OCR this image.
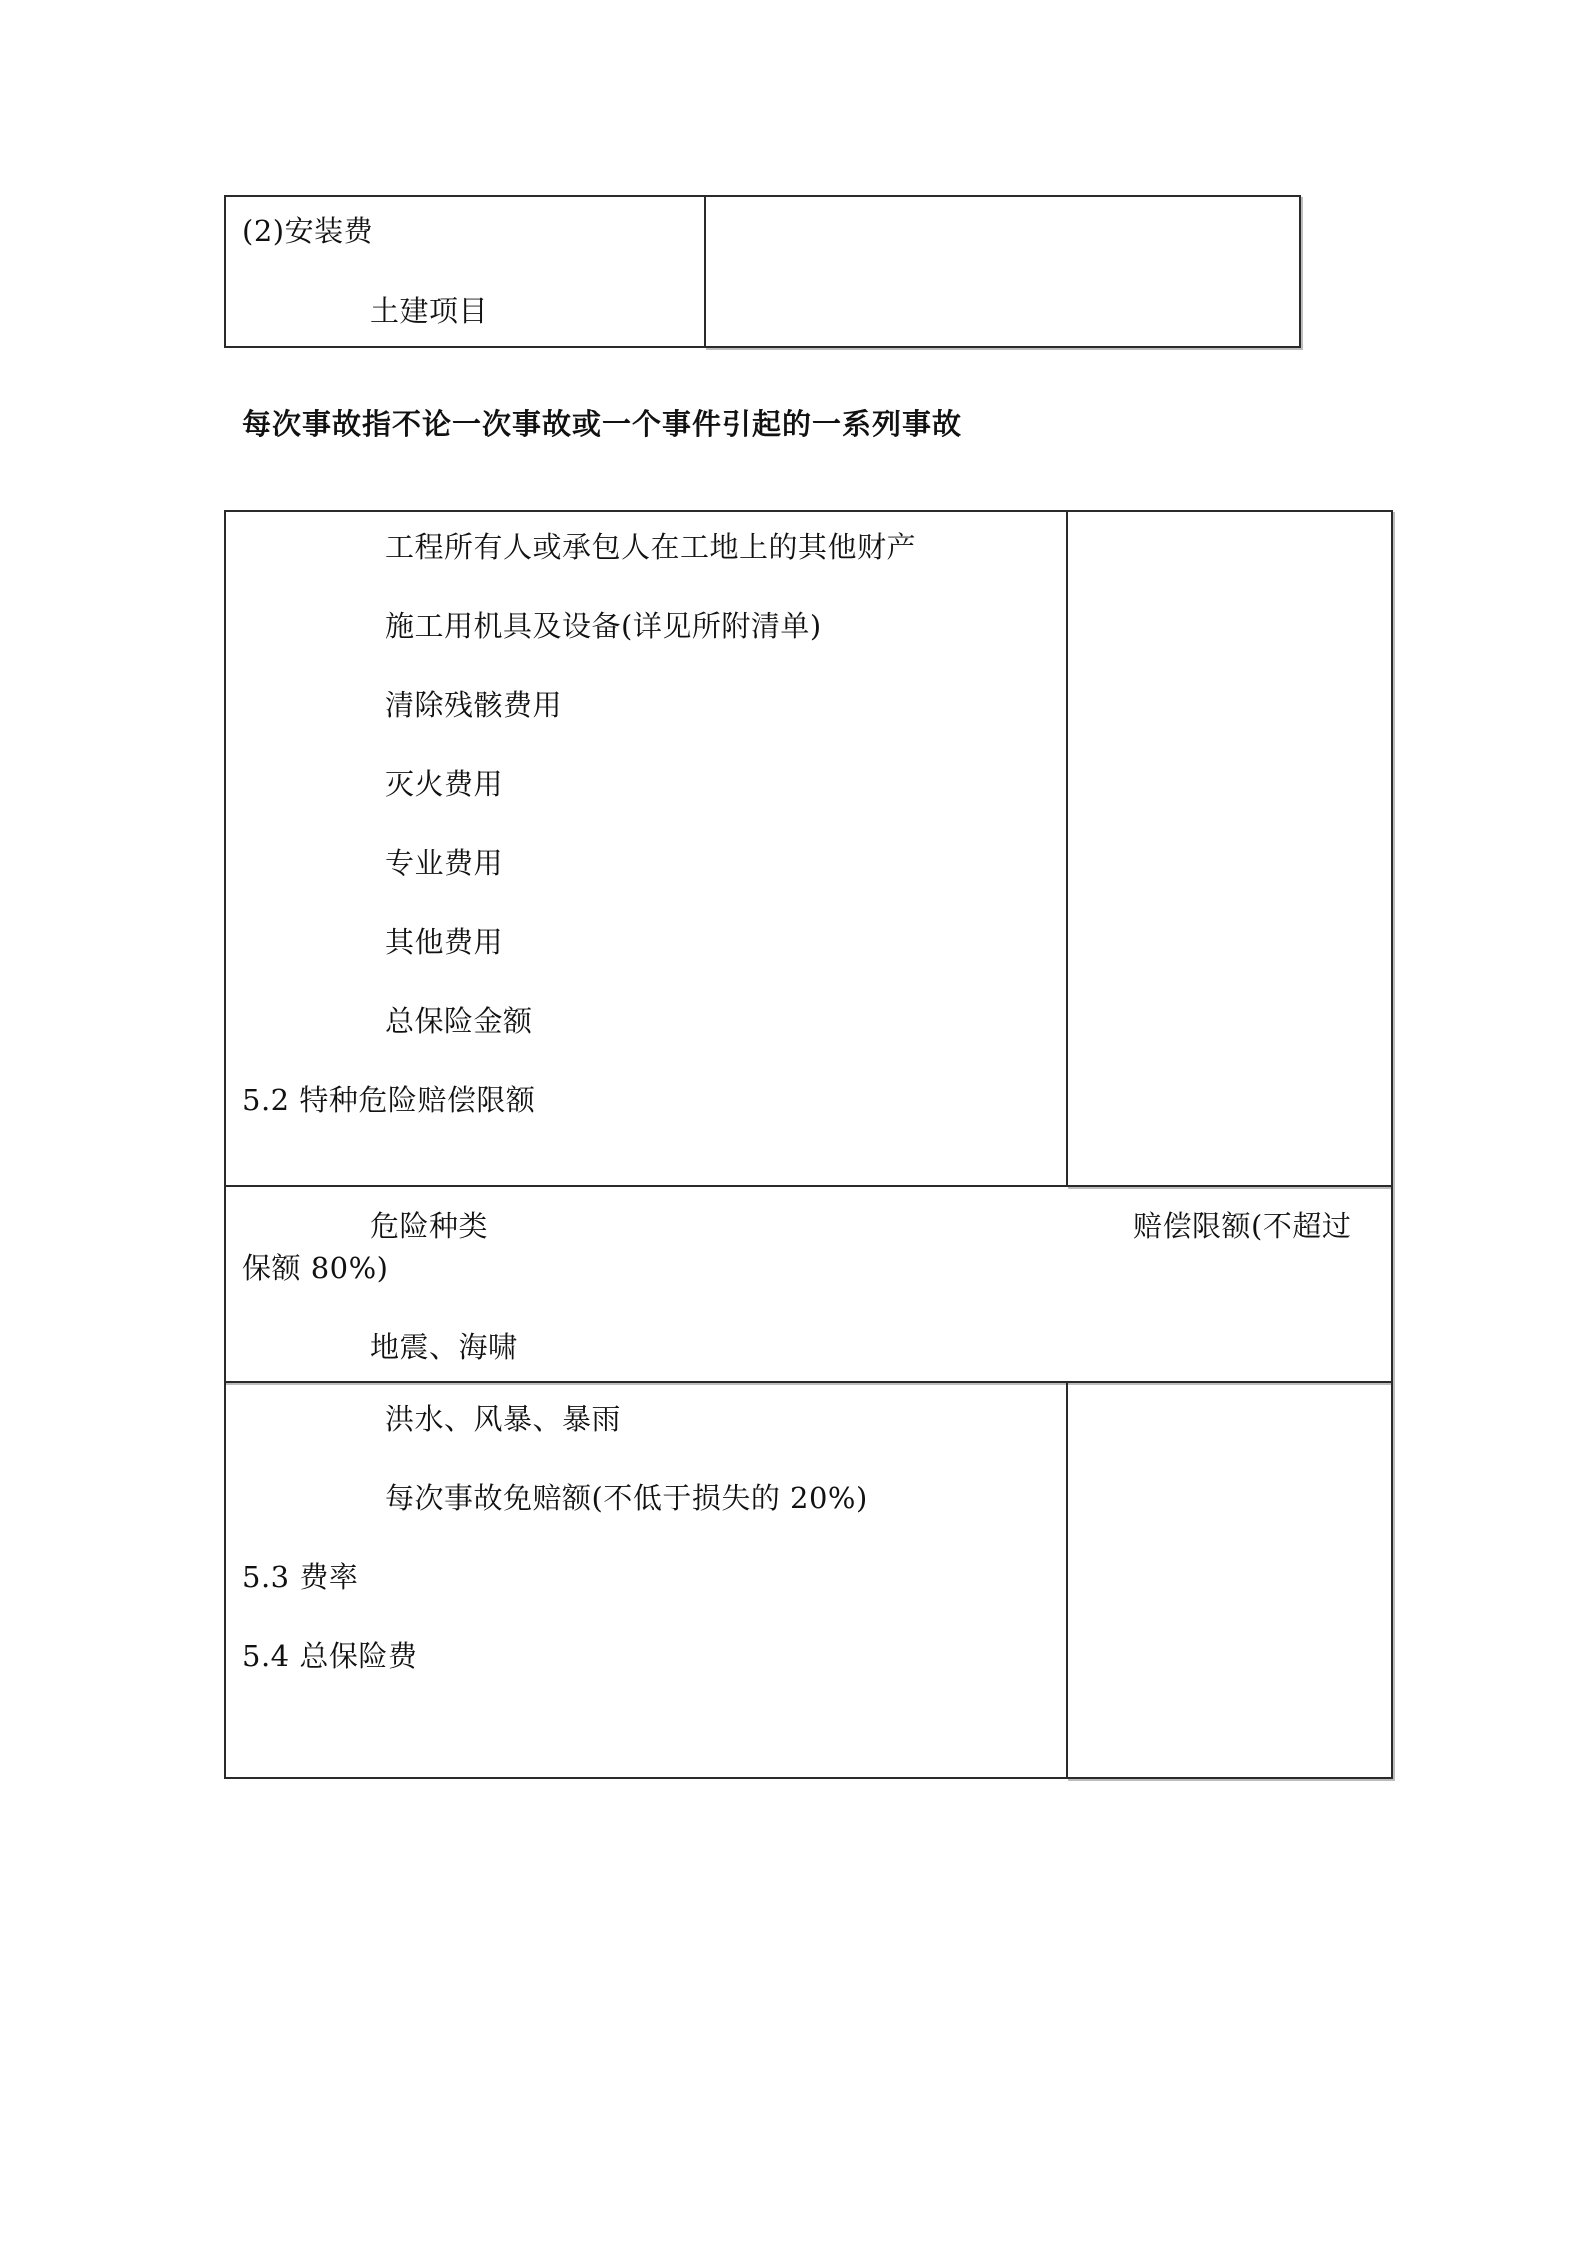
(2)安装费
土建项目
每次事故指不论一次事故或一个事件引起的一系列事故
工程所有人或承包人在工地上的其他财产
施工用机具及设备(详见所附清单)
清除残骸费用
灭火费用
专业费用
其他费用
总保险金额
5.2 特种危险赔偿限额
危险种类	赔偿限额(不超过
保额 80%)
地震、海啸
洪水、风暴、暴雨
每次事故免赔额(不低于损失的 20%)
5.3 费率
5.4 总保险费
